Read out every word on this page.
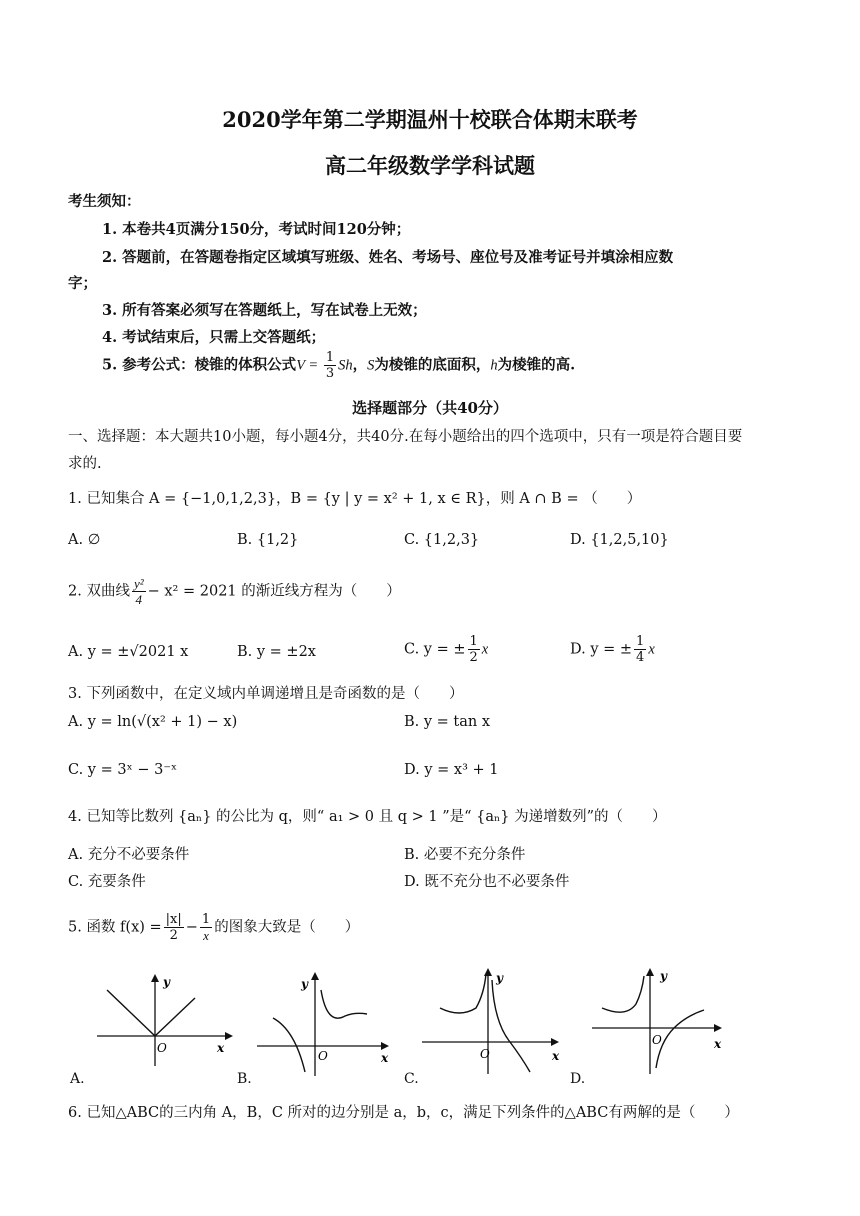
2020学年第二学期温州十校联合体期末联考
高二年级数学学科试题
考生须知：
1. 本卷共4页满分150分，考试时间120分钟；
2. 答题前，在答题卷指定区域填写班级、姓名、考场号、座位号及准考证号并填涂相应数
字；
3. 所有答案必须写在答题纸上，写在试卷上无效；
4. 考试结束后，只需上交答题纸；
5. 参考公式：棱锥的体积公式$V = \frac{1}{3}$ Sh，S为棱锥的底面积，h为棱锥的高.
选择题部分（共40分）
一、选择题：本大题共10小题，每小题4分，共40分.在每小题给出的四个选项中，只有一项是符合题目要
求的.
1. 已知集合 A = {−1,0,1,2,3}，B = {y | y = x² + 1, x ∈ R}，则 A ∩ B = （　　）
A. ∅	B. {1,2}	C. {1,2,3}	D. {1,2,5,10}
2. 双曲线 $\frac{\text{y²}}{4} - x^2 = 2021$ 的渐近线方程为（　　）
A. y = ±√2021 x	B. y = ±2x	C. y = ± $\frac{1}{2}$ x	D. y = ± $\frac{1}{4}$ x
3. 下列函数中，在定义域内单调递增且是奇函数的是（　　）
A. y = ln(√(x² + 1) − x)	B. y = tan x
C. y = 3ˣ − 3⁻ˣ	D. y = x³ + 1
4. 已知等比数列 {aₙ} 的公比为 q，则“ a₁ > 0 且 q > 1 ”是“ {aₙ} 为递增数列”的（　　）
A. 充分不必要条件	B. 必要不充分条件
C. 充要条件	D. 既不充分也不必要条件
5. 函数 $f(x) = \frac{|x|}{2} - \frac{1}{x}$ 的图象大致是（　　）
y
x
O
A.
y
x
O
B.
y
x
O
C.
y
x
O
D.
6. 已知△ABC的三内角 A，B，C 所对的边分别是 a，b，c，满足下列条件的△ABC有两解的是（　　）
